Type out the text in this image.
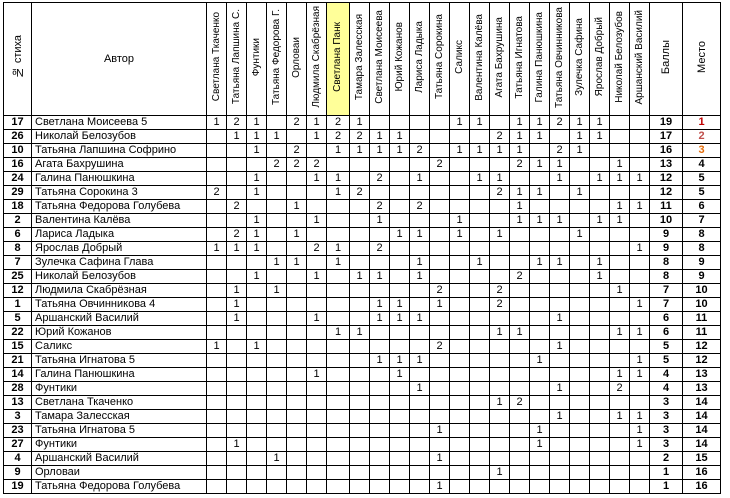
№ стиха	Автор	Светлана Ткаченко	Татьяна Лапшина С.	Фунтики	Татьяна Федорова Г.	Орловаи	Людмила Скабрёзная	Светлана Панк	Тамара Залесская	Светлана Моисеева	Юрий Кожанов	Лариса Ладыка	Татьяна Сорокина	Саликс	Валентина Калёва	Агата Бахрушина	Татьяна Игнатова	Галина Панюшкина	Татьяна Овчинникова	Зулечка Сафина	Ярослав Добрый	Николай Белозубов	Аршанский Василий	Баллы	Место
17	Светлана Моисеева 5	1	2	1		2	1	2	1					1	1		1	1	2	1	1			19	1
26	Николай Белозубов		1	1	1		1	2	2	1	1					2	1	1		1	1			17	2
10	Татьяна Лапшина Софрино			1		2		1	1	1	1	2		1	1	1	1		2	1				16	3
16	Агата Бахрушина				2	2	2						2				2	1	1			1		13	4
24	Галина Панюшкина			1			1	1		2		1			1	1			1		1	1	1	12	5
29	Татьяна Сорокина 3	2		1				1	2							2	1	1		1				12	5
18	Татьяна Федорова Голубева		2			1				2		2					1					1	1	11	6
2	Валентина Калёва			1			1			1				1			1	1	1		1	1		10	7
6	Лариса Ладыка		2	1		1					1	1		1		1				1				9	8
8	Ярослав Добрый	1	1	1			2	1		2													1	9	8
7	Зулечка Сафина Глава				1	1		1				1			1			1	1		1			8	9
25	Николай Белозубов			1			1		1	1		1					2				1			8	9
12	Людмила Скабрёзная		1		1								2			2						1		7	10
1	Татьяна Овчинникова 4		1							1	1		1			2							1	7	10
5	Аршанский Василий		1				1			1	1	1							1					6	11
22	Юрий Кожанов							1	1							1	1					1	1	6	11
15	Саликс	1		1									2						1					5	12
21	Татьяна Игнатова 5									1	1	1						1					1	5	12
14	Галина Панюшкина						1				1											1	1	4	13
28	Фунтики											1							1			2		4	13
13	Светлана Ткаченко															1	2							3	14
3	Тамара Залесская																		1			1	1	3	14
23	Татьяна Игнатова 5												1					1					1	3	14
27	Фунтики		1															1					1	3	14
4	Аршанский Василий				1								1											2	15
9	Орловаи															1								1	16
19	Татьяна Федорова Голубева												1											1	16
